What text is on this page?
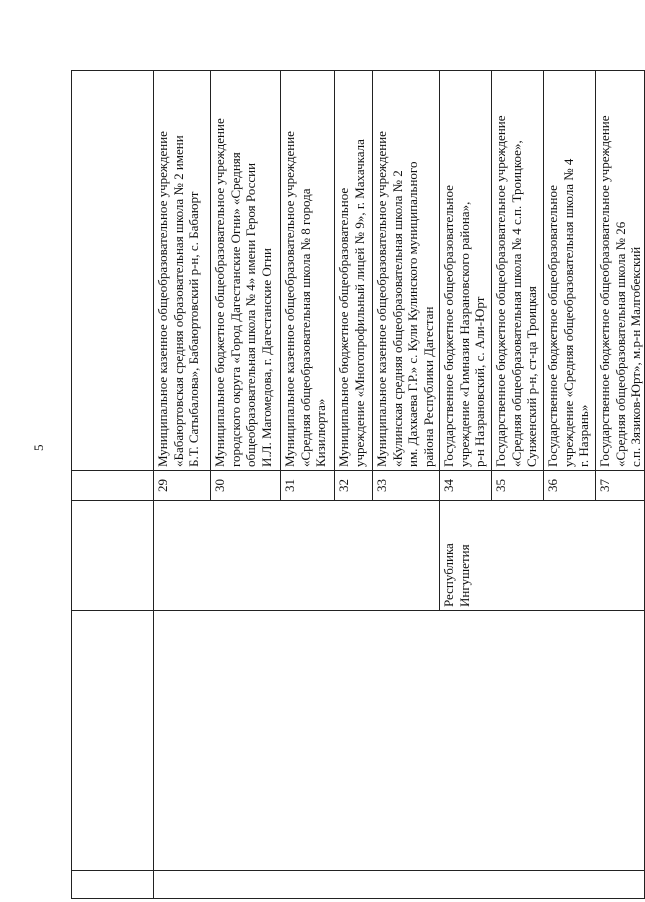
5

			29	Муниципальное казенное общеобразовательное учреждение «Бабаюртовская средняя образовательная школа № 2 имени Б.Т. Сатыбалова», Бабаюртовский р-н, с. Бабаюрт

			30	Муниципальное бюджетное общеобразовательное учреждение городского округа «Город Дагестанские Огни» «Средняя общеобразовательная школа № 4» имени Героя России И.Л. Магомедова, г. Дагестанские Огни

			31	Муниципальное казенное общеобразовательное учреждение «Средняя общеобразовательная школа № 8 города Кизилюрта»

			32	Муниципальное бюджетное общеобразовательное учреждение «Многопрофильный лицей № 9», г. Махачкала

			33	Муниципальное казенное общеобразовательное учреждение «Кулинская средняя общеобразовательная школа № 2 им. Дахкаева Г.Р.» с. Кули Кулинского муниципального района Республики Дагестан

		Республика Ингушетия	34	Государственное бюджетное общеобразовательное учреждение «Гимназия Назрановского района», р-н Назрановский, с. Али-Юрт

			35	Государственное бюджетное общеобразовательное учреждение «Средняя общеобразовательная школа № 4 с.п. Троицкое», Сунженский р-н, ст-ца Троицкая

			36	Государственное бюджетное общеобразовательное учреждение «Средняя общеобразовательная школа № 4 г. Назрань»

			37	Государственное бюджетное общеобразовательное учреждение «Средняя общеобразовательная школа № 26 с.п. Зязиков-Юрт», м.р-н Малгобекский
